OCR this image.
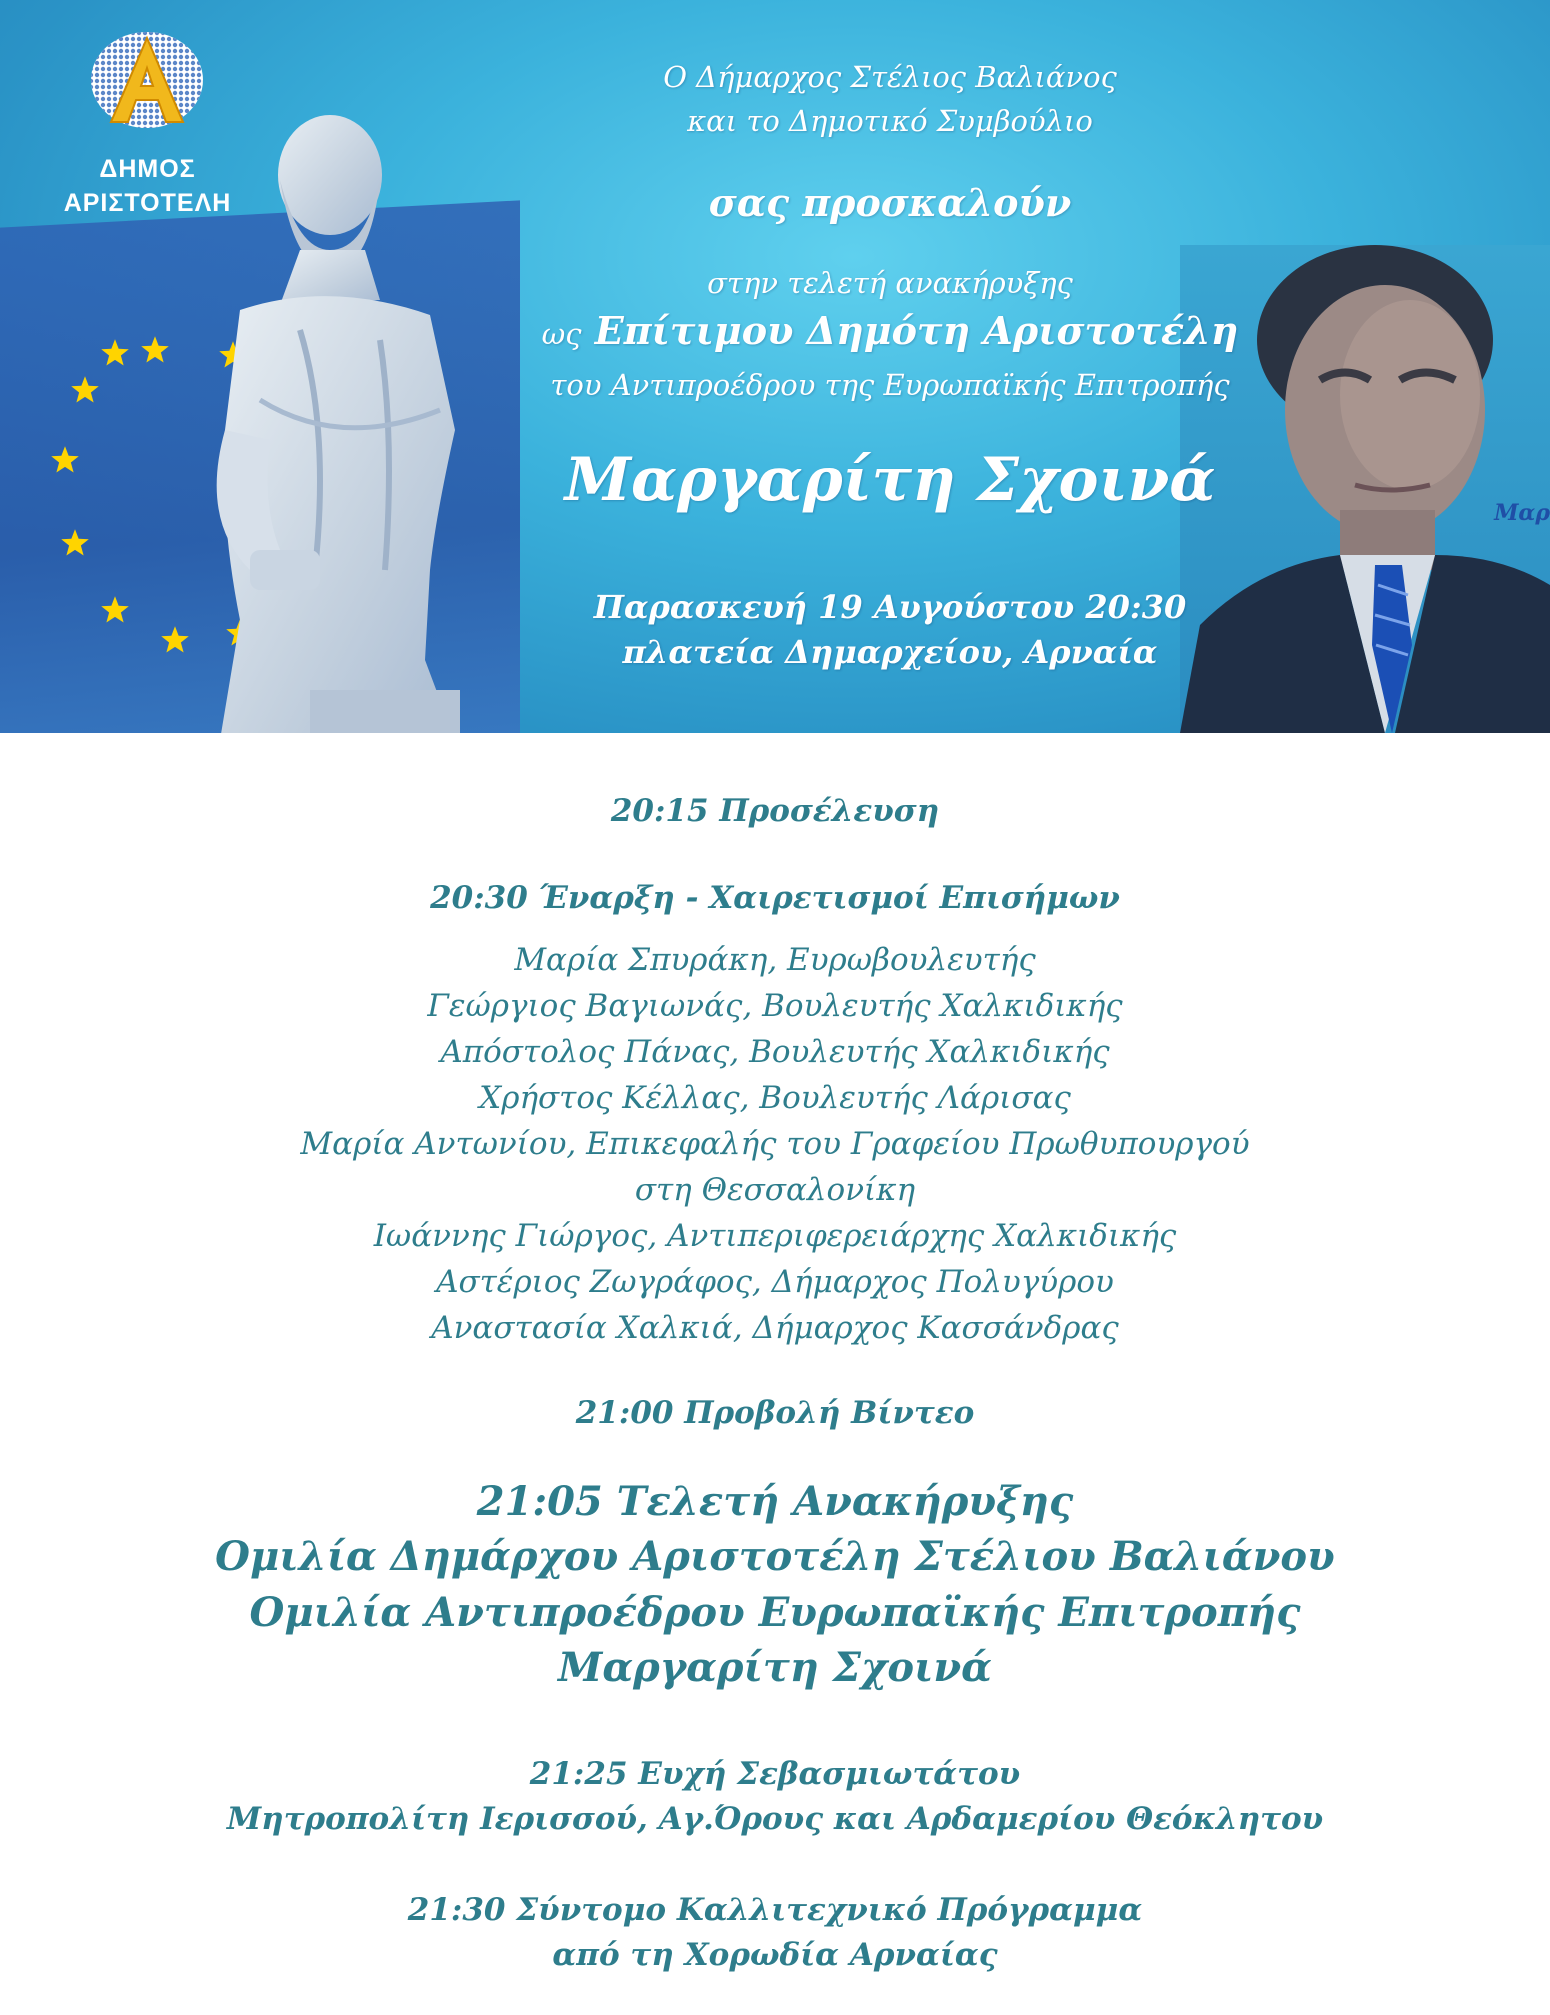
Μαρ
ΔΗΜΟΣ
ΑΡΙΣΤΟΤΕΛΗ
Ο Δήμαρχος Στέλιος Βαλιάνος
και το Δημοτικό Συμβούλιο
σας προσκαλούν
στην τελετή ανακήρυξης
ως Επίτιμου Δημότη Αριστοτέλη
του Αντιπροέδρου της Ευρωπαϊκής Επιτροπής
Μαργαρίτη Σχοινά
Παρασκευή 19 Αυγούστου 20:30
πλατεία Δημαρχείου, Αρναία
20:15 Προσέλευση
20:30 Έναρξη - Χαιρετισμοί Επισήμων
Μαρία Σπυράκη, Ευρωβουλευτής
Γεώργιος Βαγιωνάς, Βουλευτής Χαλκιδικής
Απόστολος Πάνας, Βουλευτής Χαλκιδικής
Χρήστος Κέλλας, Βουλευτής Λάρισας
Μαρία Αντωνίου, Επικεφαλής του Γραφείου Πρωθυπουργού
στη Θεσσαλονίκη
Ιωάννης Γιώργος, Αντιπεριφερειάρχης Χαλκιδικής
Αστέριος Ζωγράφος, Δήμαρχος Πολυγύρου
Αναστασία Χαλκιά, Δήμαρχος Κασσάνδρας
21:00 Προβολή Βίντεο
21:05 Τελετή Ανακήρυξης
Ομιλία Δημάρχου Αριστοτέλη Στέλιου Βαλιάνου
Ομιλία Αντιπροέδρου Ευρωπαϊκής Επιτροπής
Μαργαρίτη Σχοινά
21:25 Ευχή Σεβασμιωτάτου
Μητροπολίτη Ιερισσού, Αγ.Όρους και Αρδαμερίου Θεόκλητου
21:30 Σύντομο Καλλιτεχνικό Πρόγραμμα
από τη Χορωδία Αρναίας
